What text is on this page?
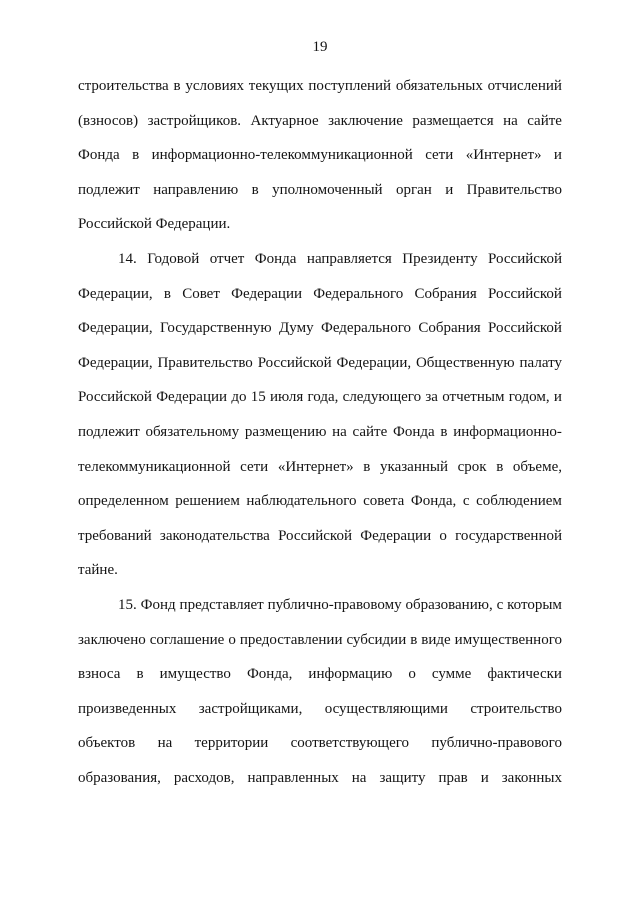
19
строительства в условиях текущих поступлений обязательных отчислений
(взносов) застройщиков. Актуарное заключение размещается на сайте
Фонда в информационно-телекоммуникационной сети «Интернет» и
подлежит направлению в уполномоченный орган и Правительство
Российской Федерации.
14. Годовой отчет Фонда направляется Президенту Российской
Федерации, в Совет Федерации Федерального Собрания Российской
Федерации, Государственную Думу Федерального Собрания Российской
Федерации, Правительство Российской Федерации, Общественную палату
Российской Федерации до 15 июля года, следующего за отчетным годом, и
подлежит обязательному размещению на сайте Фонда в информационно-
телекоммуникационной сети «Интернет» в указанный срок в объеме,
определенном решением наблюдательного совета Фонда, с соблюдением
требований законодательства Российской Федерации о государственной
тайне.
15. Фонд представляет публично-правовому образованию, с которым
заключено соглашение о предоставлении субсидии в виде имущественного
взноса в имущество Фонда, информацию о сумме фактически
произведенных застройщиками, осуществляющими строительство
объектов на территории соответствующего публично-правового
образования, расходов, направленных на защиту прав и законных
